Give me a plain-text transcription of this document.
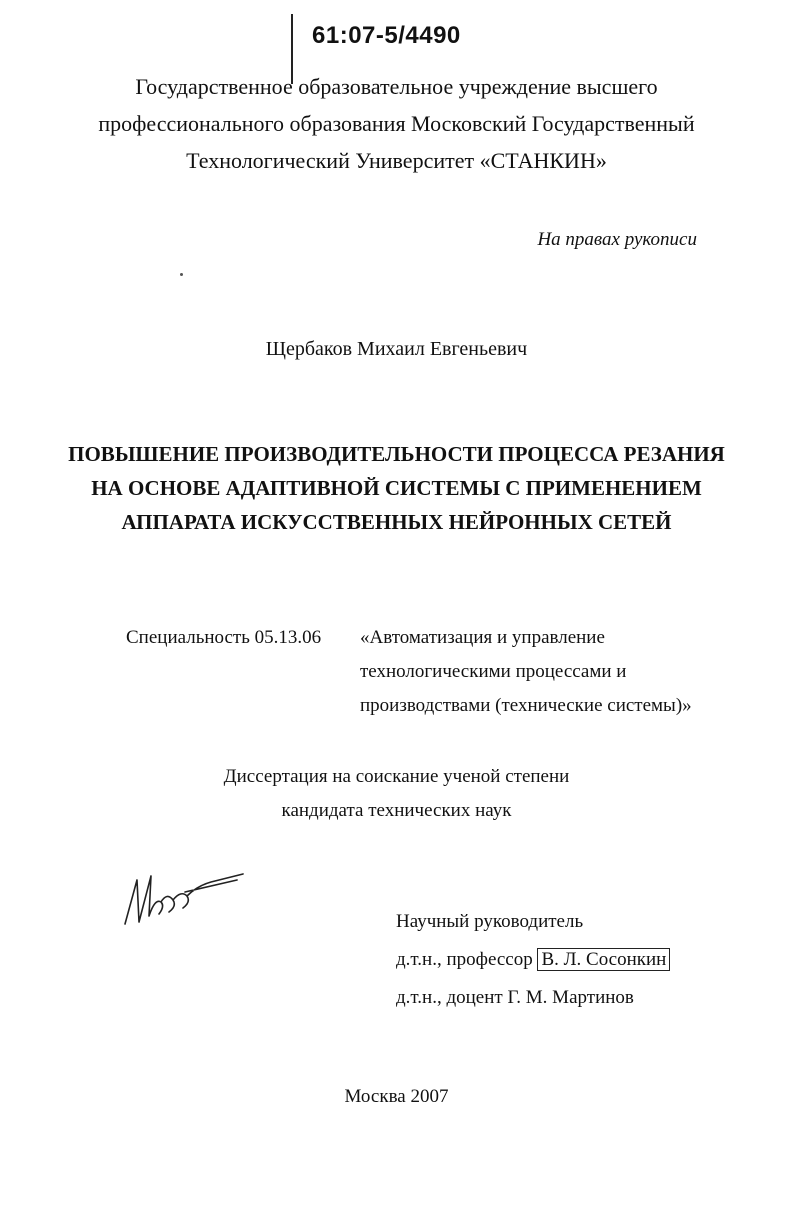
61:07-5/4490
Государственное образовательное учреждение высшего
профессионального образования Московский Государственный
Технологический Университет «СТАНКИН»
На правах рукописи
Щербаков Михаил Евгеньевич
ПОВЫШЕНИЕ ПРОИЗВОДИТЕЛЬНОСТИ ПРОЦЕССА РЕЗАНИЯ
НА ОСНОВЕ АДАПТИВНОЙ СИСТЕМЫ С ПРИМЕНЕНИЕМ
АППАРАТА ИСКУССТВЕННЫХ НЕЙРОННЫХ СЕТЕЙ
Специальность 05.13.06 «Автоматизация и управление
технологическими процессами и
производствами (технические системы)»
Диссертация на соискание ученой степени
кандидата технических наук
Научный руководитель
д.т.н., профессор В. Л. Сосонкин
д.т.н., доцент Г. М. Мартинов
Москва 2007
